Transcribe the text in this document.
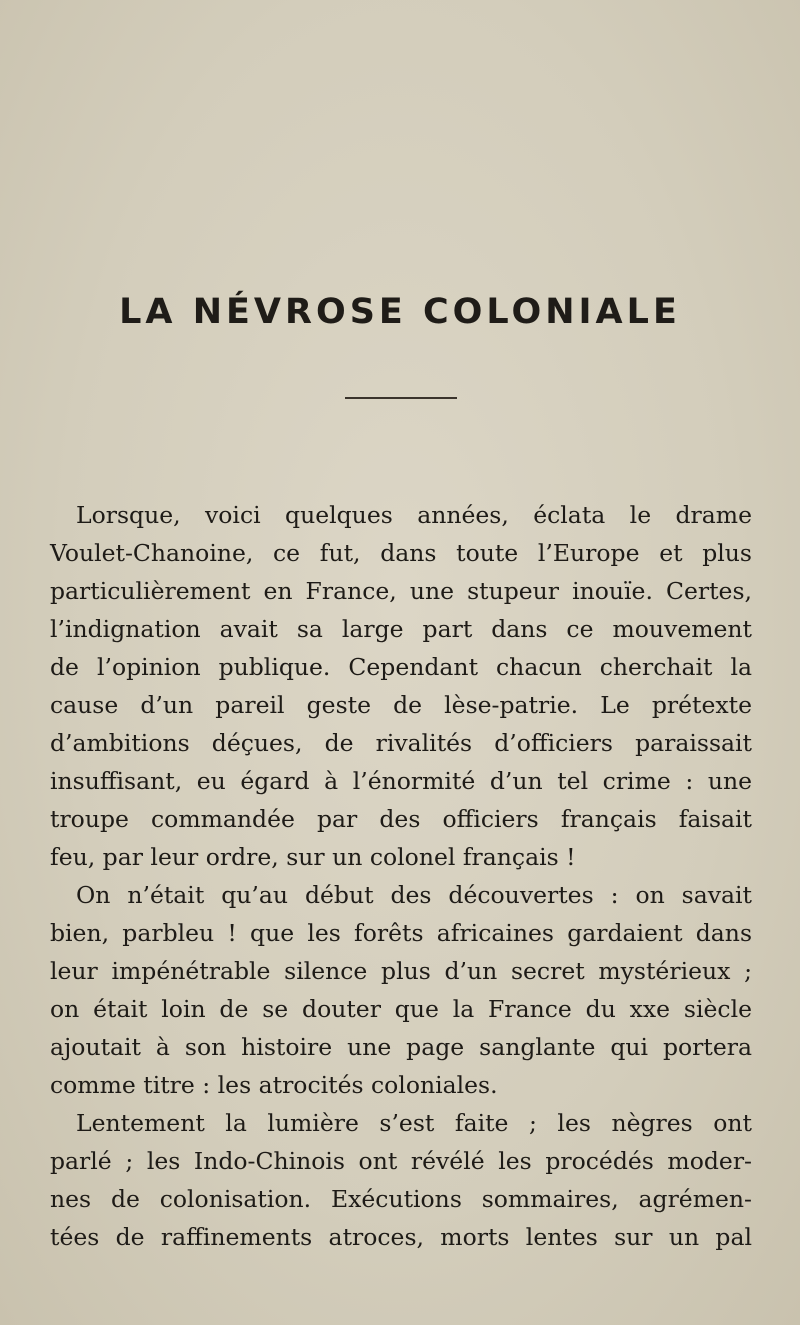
LA NÉVROSE COLONIALE

Lorsque, voici quelques années, éclata le drame
Voulet-Chanoine, ce fut, dans toute l’Europe et plus
particulièrement en France, une stupeur inouïe. Certes,
l’indignation avait sa large part dans ce mouvement
de l’opinion publique. Cependant chacun cherchait la
cause d’un pareil geste de lèse-patrie. Le prétexte
d’ambitions déçues, de rivalités d’officiers paraissait
insuffisant, eu égard à l’énormité d’un tel crime : une
troupe commandée par des officiers français faisait
feu, par leur ordre, sur un colonel français !

On n’était qu’au début des découvertes : on savait
bien, parbleu ! que les forêts africaines gardaient dans
leur impénétrable silence plus d’un secret mystérieux ;
on était loin de se douter que la France du xxe siècle
ajoutait à son histoire une page sanglante qui portera
comme titre : les atrocités coloniales.

Lentement la lumière s’est faite ; les nègres ont
parlé ; les Indo-Chinois ont révélé les procédés moder-
nes de colonisation. Exécutions sommaires, agrémen-
tées de raffinements atroces, morts lentes sur un pal
